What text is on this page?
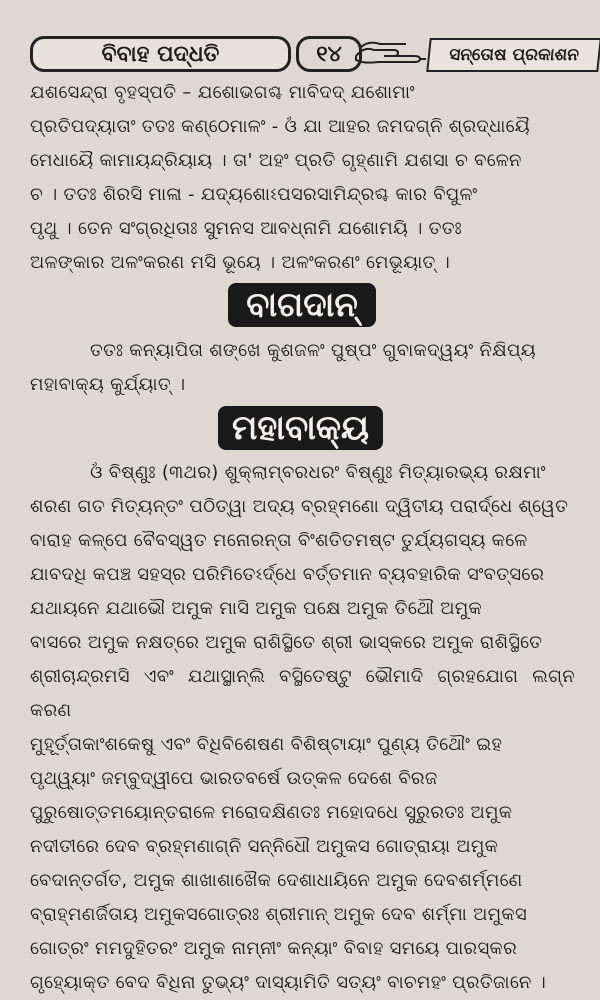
ବିବାହ ପଦ୍ଧତି	୧୪	ସନ୍ତୋଷ ପ୍ରକାଶନ

ଯଶସେନ୍ଦ୍ରା ବୃହସ୍ପତି – ଯଶୋଭଗଶ୍ଚ ମାବିଦଦ୍ ଯଶୋମାଂ

ପ୍ରତିପଦ୍ୟାତାଂ ତତଃ କଣ୍ଠେମାଳଂ - ଓଁ ଯା ଆହର ଜମଦଗ୍ନି ଶ୍ରଦ୍ଧାୟୈ

ମେଧାୟୈ କାମାୟନ୍ଦ୍ରିୟାୟ । ତା' ଅହଂ ପ୍ରତି ଗୃହ୍ଣାମି ଯଶସା ଚ ବଳେନ

ଚ । ତତଃ ଶିରସି ମାଳା - ଯଦ୍ୟଶୋଽପସରସାମିନ୍ଦ୍ରଶ୍ଚ କାର ବିପୁଳଂ

ପୃଥୁ । ତେନ ସଂଗ୍ରଧିତାଃ ସୁମନସ ଆବଧ୍ନାମି ଯଶୋମୟି । ତତଃ

ଅଳଙ୍କାର ଅଳଂକରଣ ମସି ଭୂୟେ । ଅଳଂକରଣଂ ମେଭୂୟାତ୍ ।

ବାଗଦାନ୍

ତତଃ କନ୍ୟାପିତା ଶଙ୍ଖେ କୁଶଜଳଂ ପୁଷ୍ପଂ ଗୁବାକଦ୍ୱୟଂ ନିକ୍ଷିପ୍ୟ

ମହାବାକ୍ୟ କୁର୍ଯ୍ୟାତ୍ ।

ମହାବାକ୍ୟ

ଓଁ ବିଷ୍ଣୁଃ (୩ଥର) ଶୁକ୍ଲାମ୍ବରଧରଂ ବିଷ୍ଣୁଃ ମିତ୍ୟାରଭ୍ୟ ରକ୍ଷମାଂ

ଶରଣ ଗତ ମିତ୍ୟନ୍ତଂ ପଠିତ୍ୱା ଅଦ୍ୟ ବ୍ରହ୍ମଣୋ ଦ୍ୱିତୀୟ ପରାର୍ଦ୍ଧେ ଶ୍ୱେତ

ବାରାହ କଳ୍ପେ ବୈବସ୍ୱତ ମନୋରନ୍ତା ବିଂଶତିତମଷ୍ଟ ତୁର୍ଯ୍ୟଗସ୍ୟ କଳେ

ଯାବଦଧି କପଞ୍ଚ ସହସ୍ର ପରିମିତେଽର୍ଦ୍ଧେ ବର୍ତ୍ତମାନ ବ୍ୟବହାରିକ ସଂବତ୍ସରେ

ଯଥାୟନେ ଯଥାଭୌ ଅମୁକ ମାସି ଅମୁକ ପକ୍ଷେ ଅମୁକ ତିଥୌ ଅମୁକ

ବାସରେ ଅମୁକ ନକ୍ଷତ୍ରେ ଅମୁକ ରାଶିସ୍ଥିତେ ଶ୍ରୀ ଭାସ୍କରେ ଅମୁକ ରାଶିସ୍ଥିତେ

ଶ୍ରୀଚାନ୍ଦ୍ରମସି ଏବଂ ଯଥାସ୍ଥାନ୍ଲି ବସ୍ଥିତେଷ୍ଟୁ ଭୌମାଦି ଗ୍ରହଯୋଗ ଲଗ୍ନ କରଣ

ମୁହୂର୍ତ୍ତାକାଂଶକେଷୁ ଏବଂ ବିଧିବିଶେଷଣ ବିଶିଷ୍ଟାୟାଂ ପୁଣ୍ୟ ତିଥୌଂ ଇହ

ପୃଥ୍ୱ୍ୟାଂ ଜମ୍ବୁଦ୍ୱୀପେ ଭାରତବର୍ଷେ ଉତ୍କଳ ଦେଶେ ବିରଜ

ପୁରୁଷୋତ୍ତମୟୋନ୍ତରାଳେ ମରୋଦକ୍ଷିଣତଃ ମହୋଦଧେ ସୁରୁରତଃ ଅମୁକ

ନଦୀତୀରେ ଦେବ ବ୍ରହ୍ମଣାଗ୍ନି ସନ୍ନିଧୌ ଅମୁକସ ଗୋତ୍ରାୟା ଅମୁକ

ବେଦାନ୍ତର୍ଗତ, ଅମୁକ ଶାଖାଶାଖୈକ ଦେଶାଧାୟିନେ ଅମୁକ ଦେବଶର୍ମ୍ମଣେ

ବ୍ରାହ୍ମଣର୍ଜିତାୟ ଅମୁକସଗୋତ୍ରଃ ଶ୍ରୀମାନ୍ ଅମୁକ ଦେବ ଶର୍ମ୍ମା ଅମୁକସ

ଗୋତ୍ରଂ ମମଦୁହିତରଂ ଅମୁକ ନାମ୍ନୀଂ କନ୍ୟାଂ ବିବାହ ସମୟେ ପାରସ୍କର

ଗୃହ୍ୟୋକ୍ତ ବେଦ ବିଧିନା ତୁଭ୍ୟଂ ଦାସ୍ୟାମିତି ସତ୍ୟଂ ବାଚମହଂ ପ୍ରତିଜାନେ ।
